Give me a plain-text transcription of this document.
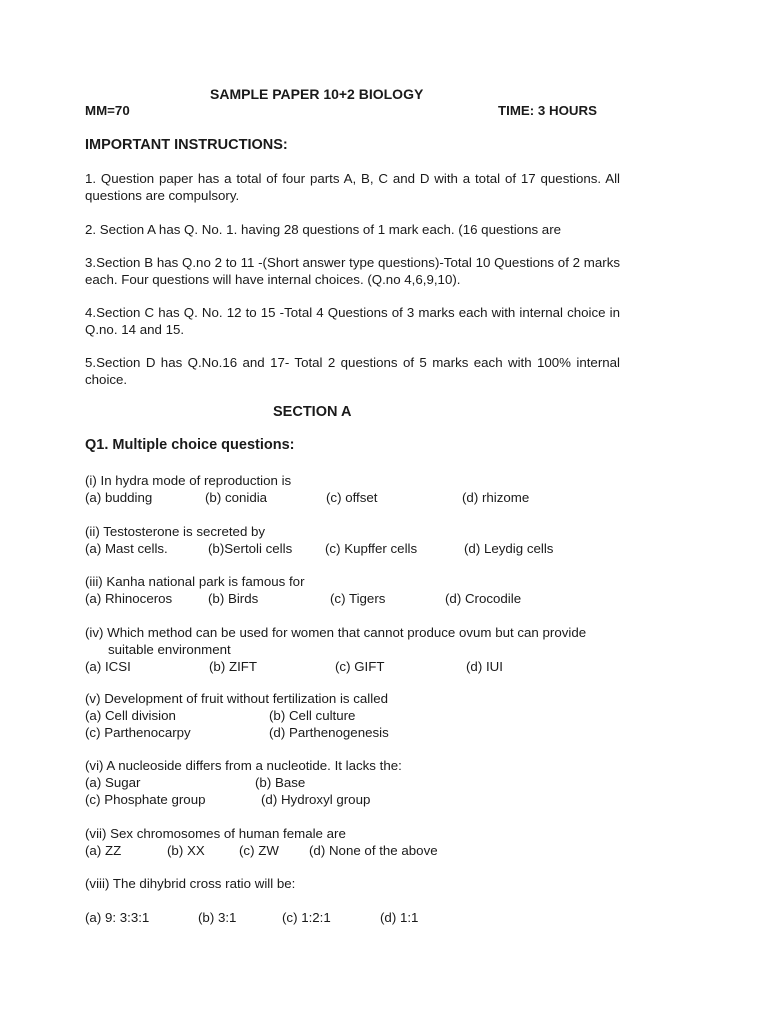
SAMPLE PAPER 10+2 BIOLOGY
MM=70	TIME: 3 HOURS
IMPORTANT INSTRUCTIONS:
1. Question paper has a total of four parts A, B, C and D with a total of 17 questions. All questions are compulsory.
2. Section A has Q. No. 1. having 28 questions of 1 mark each. (16 questions are
3.Section B has Q.no 2 to 11 -(Short answer type questions)-Total 10 Questions of 2 marks each. Four questions will have internal choices. (Q.no 4,6,9,10).
4.Section C has Q. No. 12 to 15 -Total 4 Questions of 3 marks each with internal choice in Q.no. 14 and 15.
5.Section D has Q.No.16 and 17- Total 2 questions of 5 marks each with 100% internal choice.
SECTION A
Q1. Multiple choice questions:
(i) In hydra mode of reproduction is
(a) budding	(b) conidia	(c) offset	(d) rhizome
(ii) Testosterone is secreted by
(a) Mast cells.	(b)Sertoli cells (c) Kupffer cells	(d) Leydig cells
(iii) Kanha national park is famous for
(a) Rhinoceros	(b) Birds	(c) Tigers	(d) Crocodile
(iv) Which method can be used for women that cannot produce ovum but can provide
suitable environment
(a) ICSI	(b) ZIFT	(c) GIFT	(d) IUI
(v) Development of fruit without fertilization is called
(a) Cell division	(b) Cell culture
(c) Parthenocarpy	(d) Parthenogenesis
(vi) A nucleoside differs from a nucleotide. It lacks the:
(a) Sugar	(b) Base
(c) Phosphate group	(d) Hydroxyl group
(vii) Sex chromosomes of human female are
(a) ZZ	(b) XX	(c) ZW (d) None of the above
(viii) The dihybrid cross ratio will be:
(a) 9: 3:3:1	(b) 3:1	(c) 1:2:1	(d) 1:1
